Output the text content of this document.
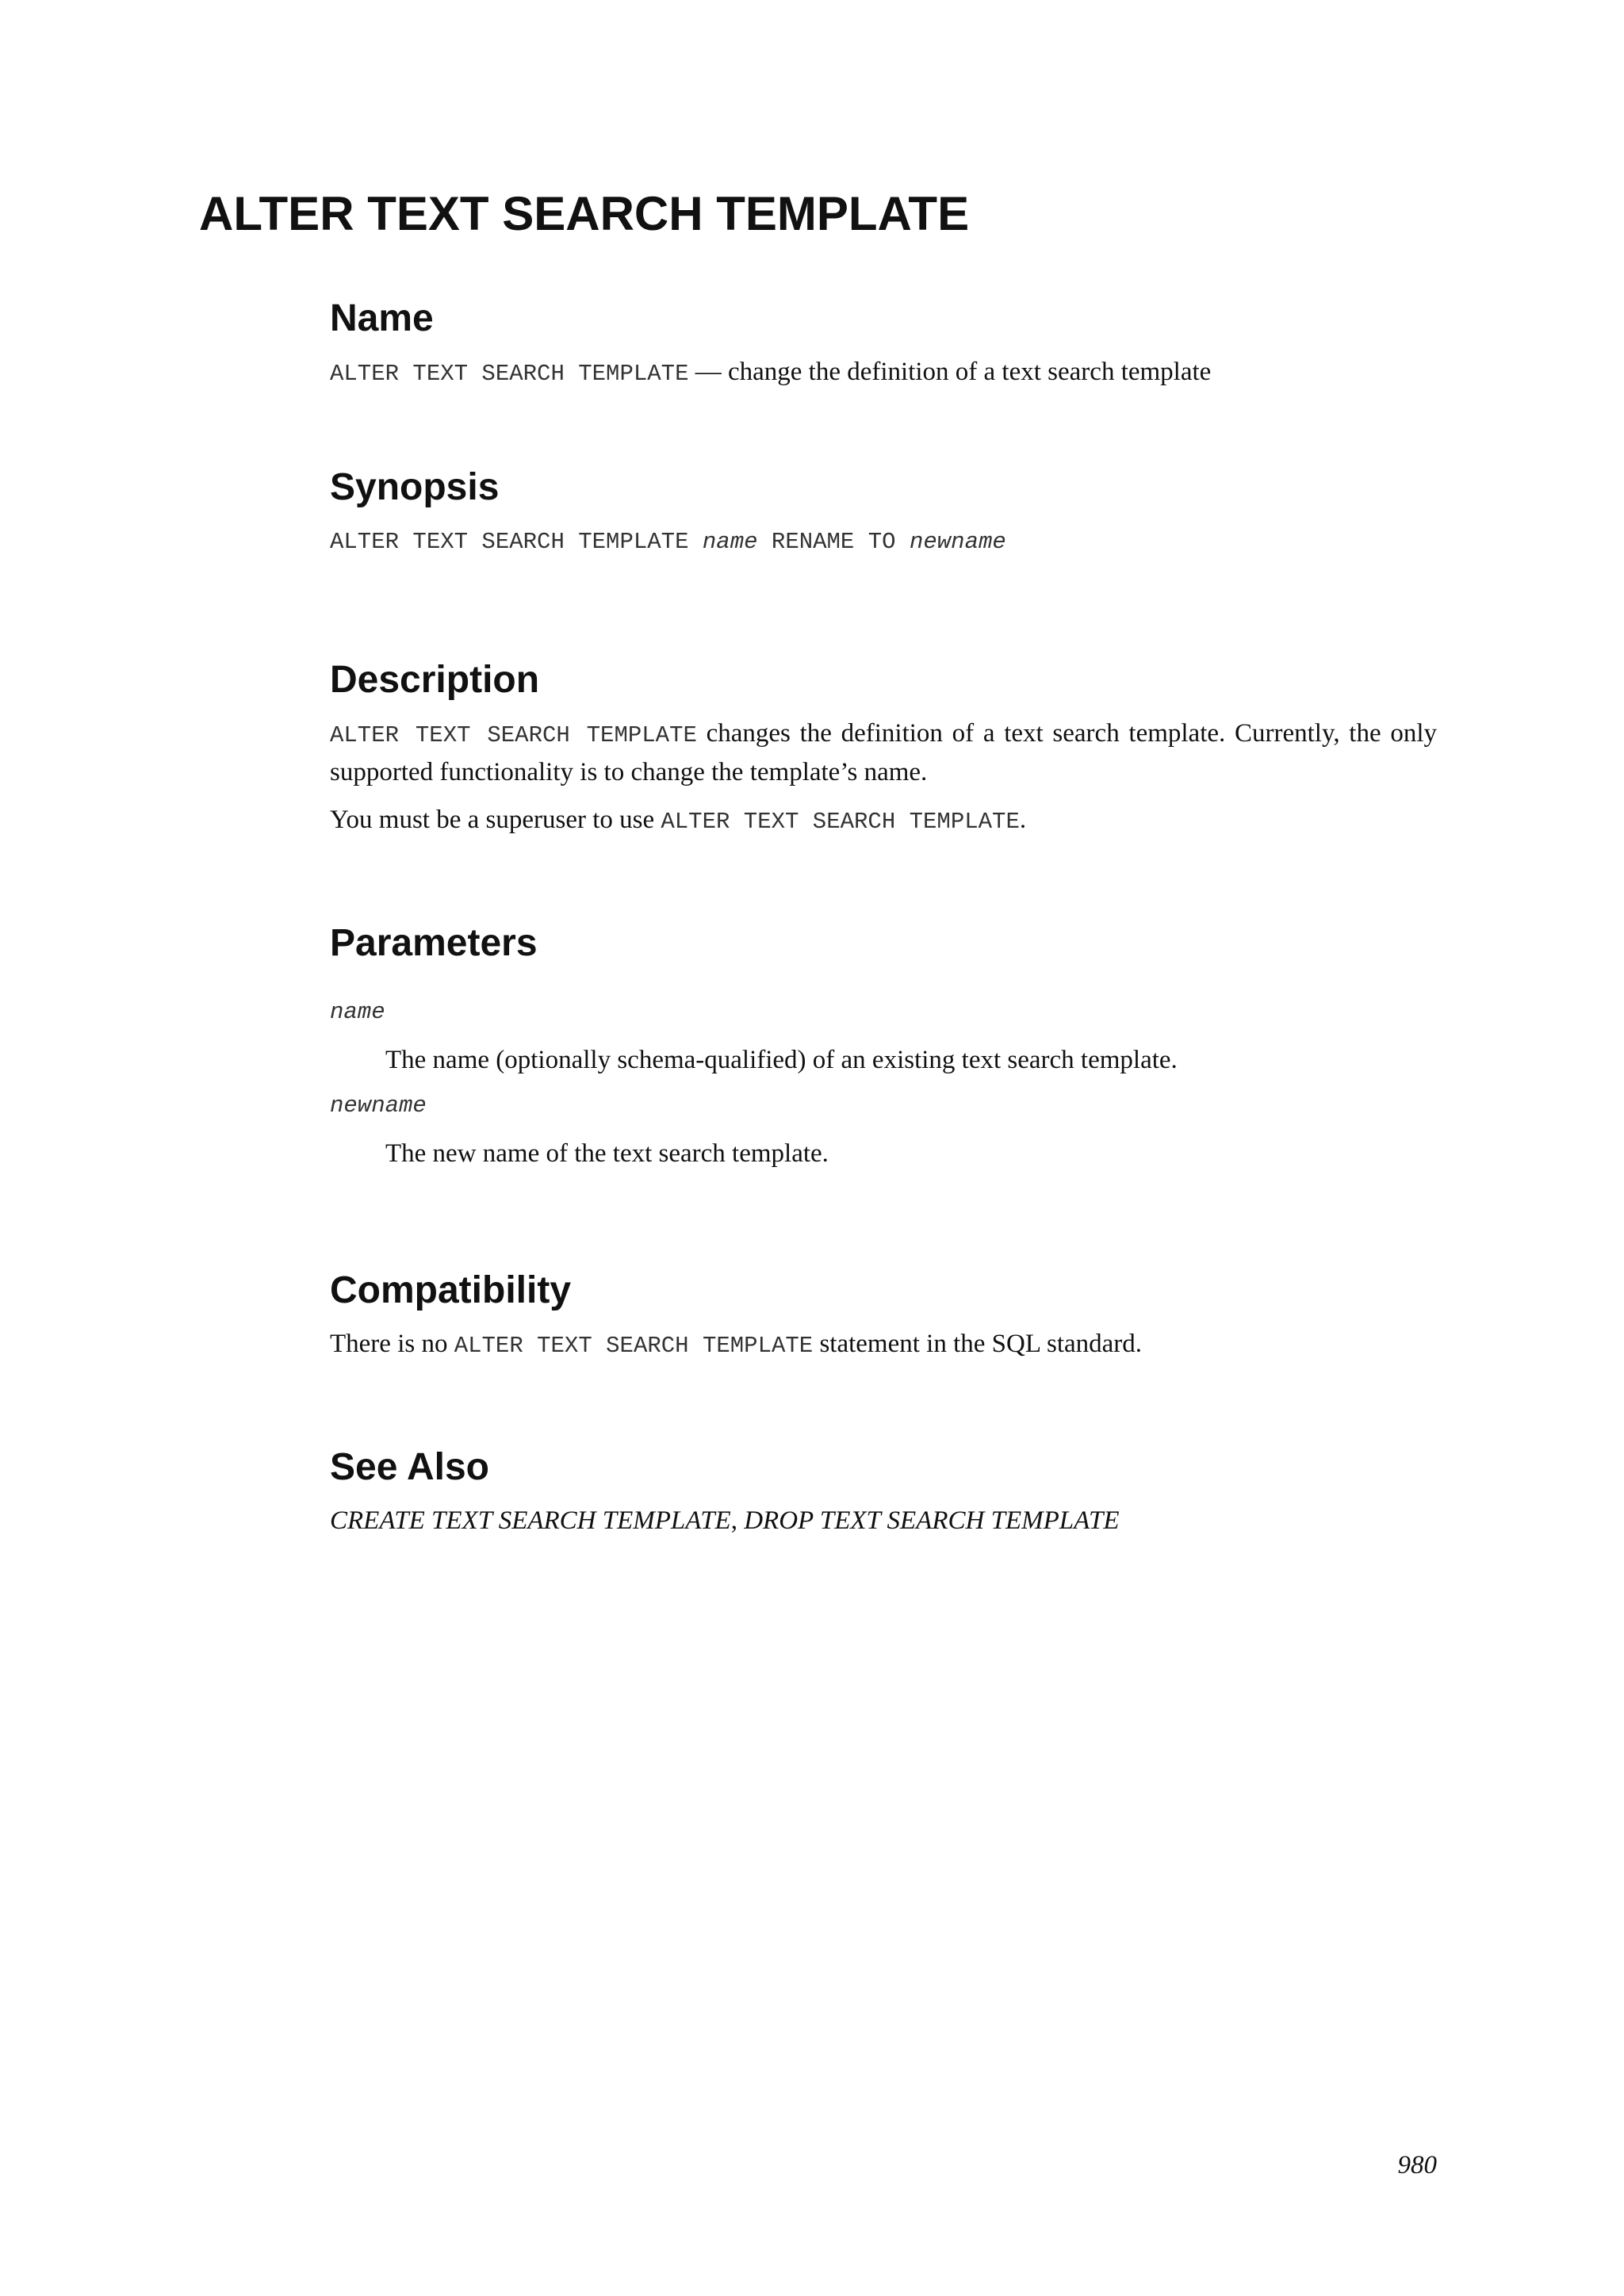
ALTER TEXT SEARCH TEMPLATE
Name

ALTER TEXT SEARCH TEMPLATE — change the definition of a text search template

Synopsis

ALTER TEXT SEARCH TEMPLATE name RENAME TO newname

Description

ALTER TEXT SEARCH TEMPLATE changes the definition of a text search template. Currently, the only supported functionality is to change the template’s name.

You must be a superuser to use ALTER TEXT SEARCH TEMPLATE.

Parameters

name

The name (optionally schema-qualified) of an existing text search template.

newname

The new name of the text search template.

Compatibility

There is no ALTER TEXT SEARCH TEMPLATE statement in the SQL standard.

See Also

CREATE TEXT SEARCH TEMPLATE, DROP TEXT SEARCH TEMPLATE

980
